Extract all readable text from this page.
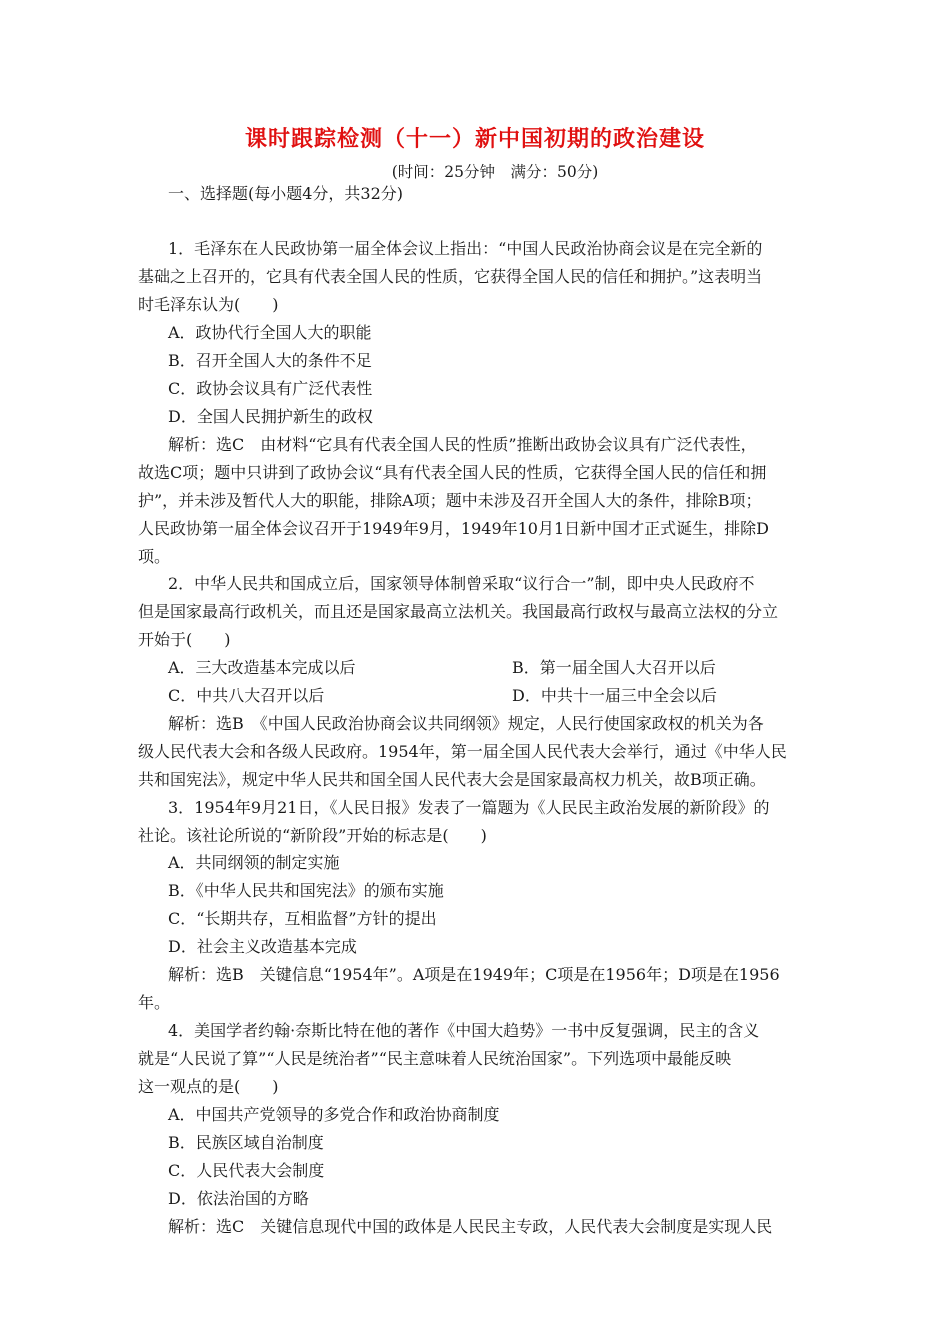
课时跟踪检测（十一）新中国初期的政治建设
(时间：25分钟　满分：50分)
一、选择题(每小题4分，共32分)
1．毛泽东在人民政协第一届全体会议上指出：“中国人民政治协商会议是在完全新的
基础之上召开的，它具有代表全国人民的性质，它获得全国人民的信任和拥护。”这表明当
时毛泽东认为(　　)
A．政协代行全国人大的职能
B．召开全国人大的条件不足
C．政协会议具有广泛代表性
D．全国人民拥护新生的政权
解析：选C　由材料“它具有代表全国人民的性质”推断出政协会议具有广泛代表性，
故选C项；题中只讲到了政协会议“具有代表全国人民的性质，它获得全国人民的信任和拥
护”，并未涉及暂代人大的职能，排除A项；题中未涉及召开全国人大的条件，排除B项；
人民政协第一届全体会议召开于1949年9月，1949年10月1日新中国才正式诞生，排除D
项。
2．中华人民共和国成立后，国家领导体制曾采取“议行合一”制，即中央人民政府不
但是国家最高行政机关，而且还是国家最高立法机关。我国最高行政权与最高立法权的分立
开始于(　　)
A．三大改造基本完成以后	B．第一届全国人大召开以后
C．中共八大召开以后	D．中共十一届三中全会以后
解析：选B　《中国人民政治协商会议共同纲领》规定，人民行使国家政权的机关为各
级人民代表大会和各级人民政府。1954年，第一届全国人民代表大会举行，通过《中华人民
共和国宪法》，规定中华人民共和国全国人民代表大会是国家最高权力机关，故B项正确。
3．1954年9月21日，《人民日报》发表了一篇题为《人民民主政治发展的新阶段》的
社论。该社论所说的“新阶段”开始的标志是(　　)
A．共同纲领的制定实施
B．《中华人民共和国宪法》的颁布实施
C．“长期共存，互相监督”方针的提出
D．社会主义改造基本完成
解析：选B　关键信息“1954年”。A项是在1949年；C项是在1956年；D项是在1956
年。
4．美国学者约翰·奈斯比特在他的著作《中国大趋势》一书中反复强调，民主的含义
就是“人民说了算”“人民是统治者”“民主意味着人民统治国家”。下列选项中最能反映
这一观点的是(　　)
A．中国共产党领导的多党合作和政治协商制度
B．民族区域自治制度
C．人民代表大会制度
D．依法治国的方略
解析：选C　关键信息现代中国的政体是人民民主专政，人民代表大会制度是实现人民
